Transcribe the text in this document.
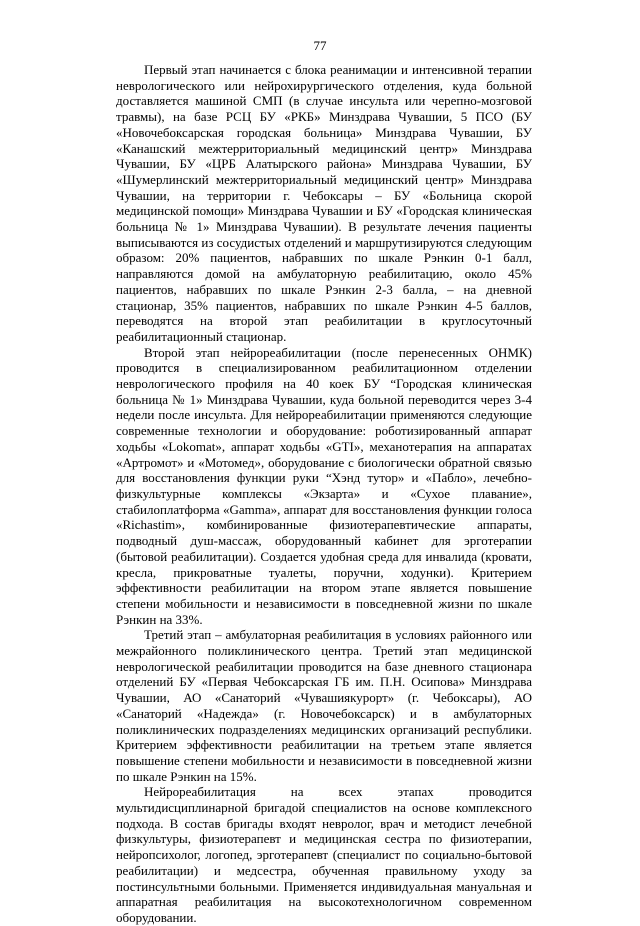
77

Первый этап начинается с блока реанимации и интенсивной терапии неврологического или нейрохирургического отделения, куда больной доставляется машиной СМП (в случае инсульта или черепно-мозговой травмы), на базе РСЦ БУ «РКБ» Минздрава Чувашии, 5 ПСО (БУ «Новочебоксарская городская больница» Минздрава Чувашии, БУ «Канашский межтерриториальный медицинский центр» Минздрава Чувашии, БУ «ЦРБ Алатырского района» Минздрава Чувашии, БУ «Шумерлинский межтерриториальный медицинский центр» Минздрава Чувашии, на территории г. Чебоксары – БУ «Больница скорой медицинской помощи» Минздрава Чувашии и БУ «Городская клиническая больница № 1» Минздрава Чувашии). В результате лечения пациенты выписываются из сосудистых отделений и маршрутизируются следующим образом: 20% пациентов, набравших по шкале Рэнкин 0-1 балл, направляются домой на амбулаторную реабилитацию, около 45% пациентов, набравших по шкале Рэнкин 2-3 балла, – на дневной стационар, 35% пациентов, набравших по шкале Рэнкин 4-5 баллов, переводятся на второй этап реабилитации в круглосуточный реабилитационный стационар.

Второй этап нейрореабилитации (после перенесенных ОНМК) проводится в специализированном реабилитационном отделении неврологического профиля на 40 коек БУ “Городская клиническая больница № 1» Минздрава Чувашии, куда больной переводится через 3-4 недели после инсульта. Для нейрореабилитации применяются следующие современные технологии и оборудование: роботизированный аппарат ходьбы «Lokomat», аппарат ходьбы «GTI», механотерапия на аппаратах «Артромот» и «Мотомед», оборудование с биологически обратной связью для восстановления функции руки “Хэнд тутор» и «Пабло», лечебно-физкультурные комплексы «Экзарта» и «Сухое плавание», стабилоплатформа «Gamma», аппарат для восстановления функции голоса «Richastim», комбинированные физиотерапевтические аппараты, подводный душ-массаж, оборудованный кабинет для эрготерапии (бытовой реабилитации). Создается удобная среда для инвалида (кровати, кресла, прикроватные туалеты, поручни, ходунки). Критерием эффективности реабилитации на втором этапе является повышение степени мобильности и независимости в повседневной жизни по шкале Рэнкин на 33%.

Третий этап – амбулаторная реабилитация в условиях районного или межрайонного поликлинического центра. Третий этап медицинской неврологической реабилитации проводится на базе дневного стационара отделений БУ «Первая Чебоксарская ГБ им. П.Н. Осипова» Минздрава Чувашии, АО «Санаторий «Чувашиякурорт» (г. Чебоксары), АО «Санаторий «Надежда» (г. Новочебоксарск) и в амбулаторных поликлинических подразделениях медицинских организаций республики. Критерием эффективности реабилитации на третьем этапе является повышение степени мобильности и независимости в повседневной жизни по шкале Рэнкин на 15%.

Нейрореабилитация на всех этапах проводится мультидисциплинарной бригадой специалистов на основе комплексного подхода. В состав бригады входят невролог, врач и методист лечебной физкультуры, физиотерапевт и медицинская сестра по физиотерапии, нейропсихолог, логопед, эрготерапевт (специалист по социально-бытовой реабилитации) и медсестра, обученная правильному уходу за постинсультными больными. Применяется индивидуальная мануальная и аппаратная реабилитация на высокотехнологичном современном оборудовании.
